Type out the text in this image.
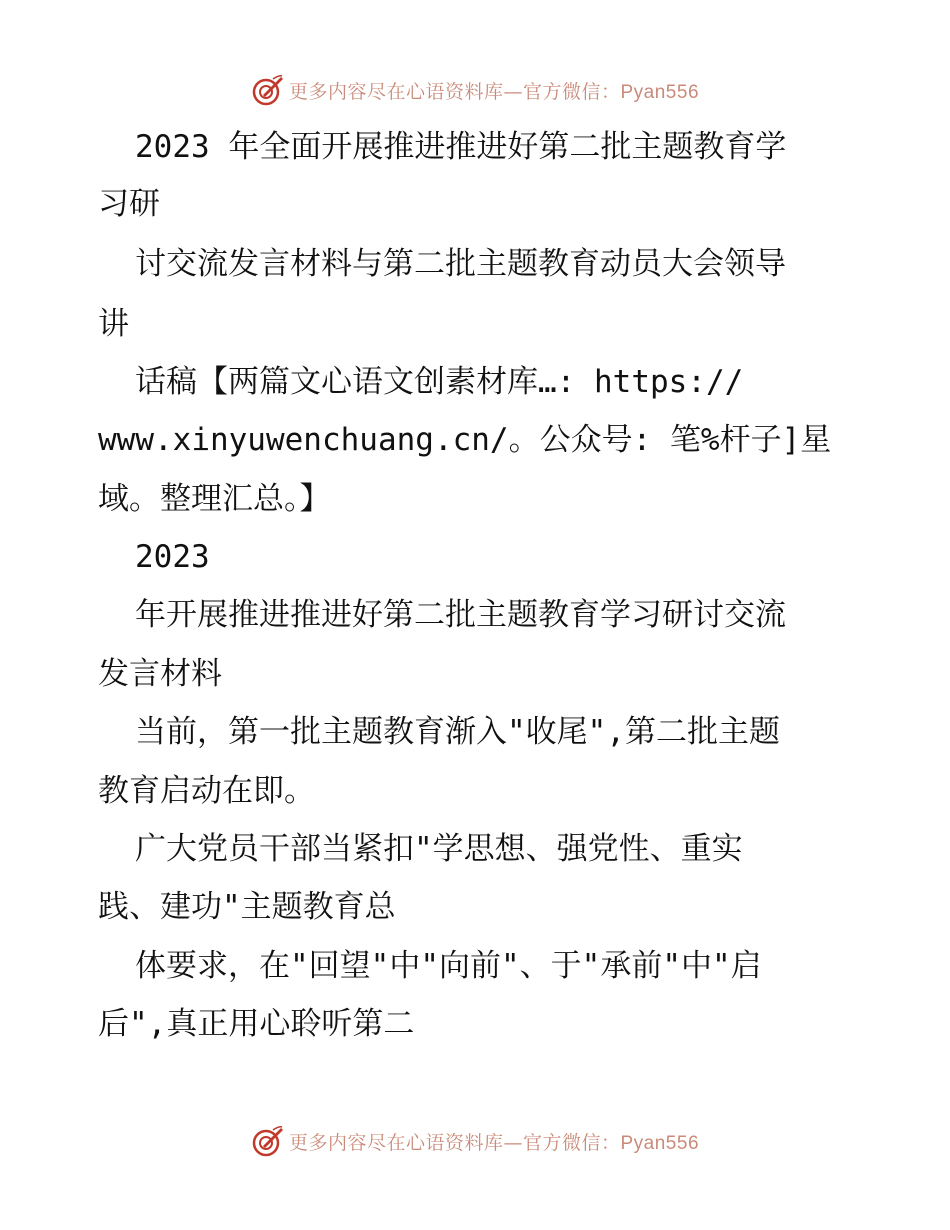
更多内容尽在心语资料库—官方微信：Pyan556
2023 年全面开展推进推进好第二批主题教育学
习研
讨交流发言材料与第二批主题教育动员大会领导
讲
话稿【两篇文心语文创素材库…: https://
www.xinyuwenchuang.cn/。公众号: 笔%杆子]星
域。整理汇总。】
2023
年开展推进推进好第二批主题教育学习研讨交流
发言材料
当前，第一批主题教育渐入"收尾",第二批主题
教育启动在即。
广大党员干部当紧扣"学思想、强党性、重实
践、建功"主题教育总
体要求，在"回望"中"向前"、于"承前"中"启
后",真正用心聆听第二
更多内容尽在心语资料库—官方微信：Pyan556
